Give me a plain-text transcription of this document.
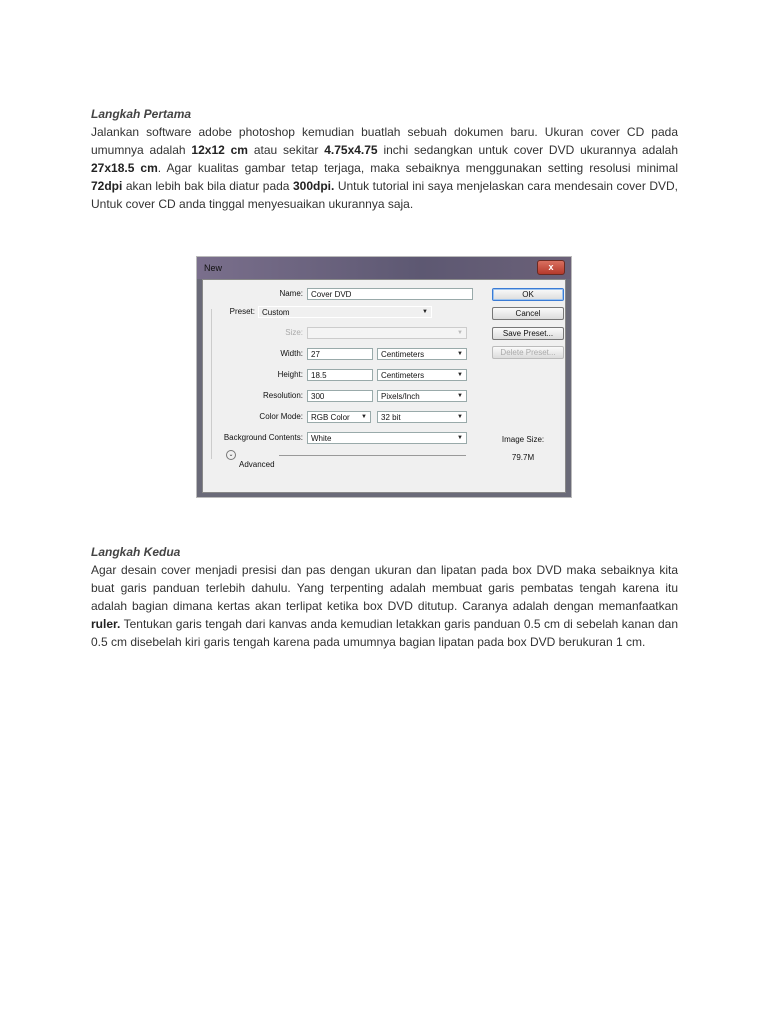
Langkah Pertama
Jalankan software adobe photoshop kemudian buatlah sebuah dokumen baru. Ukuran cover CD pada umumnya adalah 12x12 cm atau sekitar 4.75x4.75 inchi sedangkan untuk cover DVD ukurannya adalah 27x18.5 cm. Agar kualitas gambar tetap terjaga, maka sebaiknya menggunakan setting resolusi minimal 72dpi akan lebih bak bila diatur pada 300dpi. Untuk tutorial ini saya menjelaskan cara mendesain cover DVD, Untuk cover CD anda tinggal menyesuaikan ukurannya saja.
New	x
Name:	Cover DVD
Preset: Custom	▼
Size:	▼
Width:	27	Centimeters	▼
Height:	18.5	Centimeters	▼
Resolution:	300	Pixels/Inch	▼
Color Mode:	RGB Color ▼	32 bit	▼
Background Contents:	White	▼
⌄
Advanced
OK
Cancel
Save Preset...
Delete Preset...
Image Size:
79.7M
Langkah Kedua
Agar desain cover menjadi presisi dan pas dengan ukuran dan lipatan pada box DVD maka sebaiknya kita buat garis panduan terlebih dahulu. Yang terpenting adalah membuat garis pembatas tengah karena itu adalah bagian dimana kertas akan terlipat ketika box DVD ditutup. Caranya adalah dengan memanfaatkan ruler. Tentukan garis tengah dari kanvas anda kemudian letakkan garis panduan 0.5 cm di sebelah kanan dan 0.5 cm disebelah kiri garis tengah karena pada umumnya bagian lipatan pada box DVD berukuran 1 cm.
